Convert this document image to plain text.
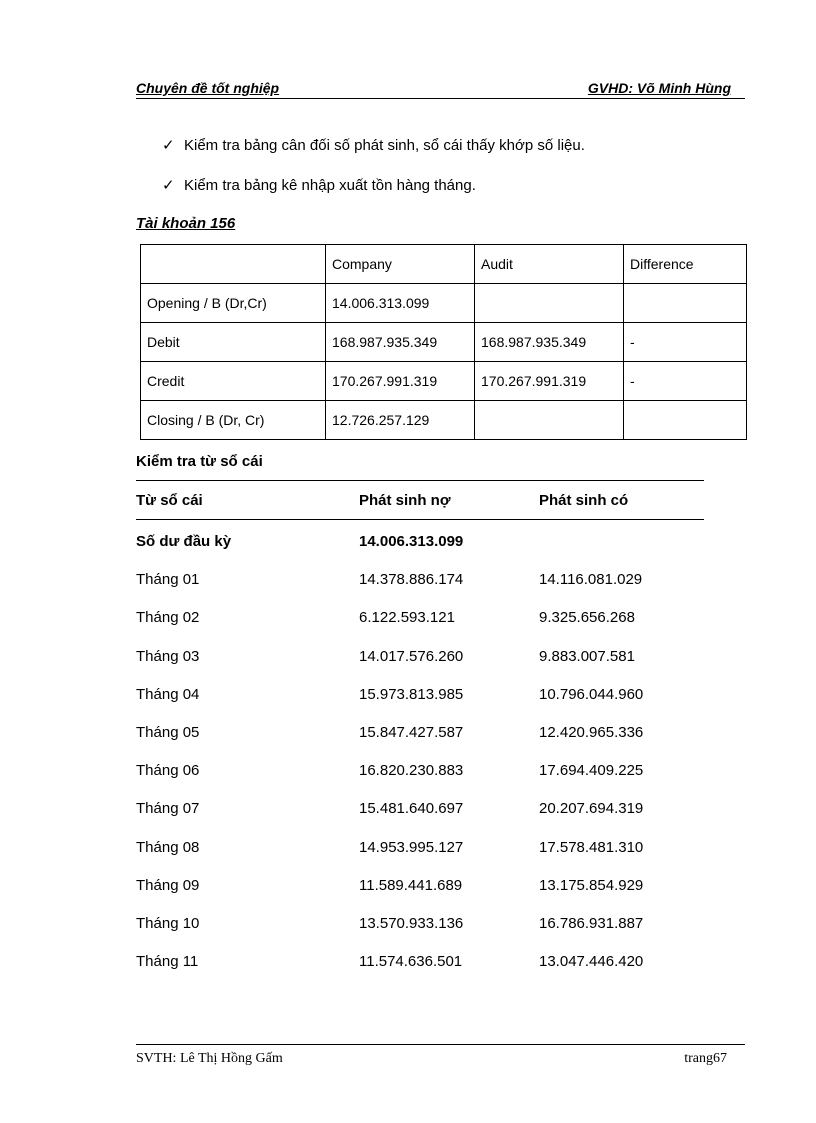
Chuyên đề tốt nghiệp	GVHD: Võ Minh Hùng
✓ Kiểm tra bảng cân đối số phát sinh, sổ cái thấy khớp số liệu.
✓ Kiểm tra bảng kê nhập xuất tồn hàng tháng.
Tài khoản 156
	Company	Audit	Difference
Opening / B (Dr,Cr)	14.006.313.099		
Debit	168.987.935.349	168.987.935.349	-
Credit	170.267.991.319	170.267.991.319	-
Closing / B (Dr, Cr)	12.726.257.129		
Kiểm tra từ sổ cái
Từ sổ cái	Phát sinh nợ	Phát sinh có
Số dư đầu kỳ	14.006.313.099
Tháng 01	14.378.886.174	14.116.081.029
Tháng 02	6.122.593.121	9.325.656.268
Tháng 03	14.017.576.260	9.883.007.581
Tháng 04	15.973.813.985	10.796.044.960
Tháng 05	15.847.427.587	12.420.965.336
Tháng 06	16.820.230.883	17.694.409.225
Tháng 07	15.481.640.697	20.207.694.319
Tháng 08	14.953.995.127	17.578.481.310
Tháng 09	11.589.441.689	13.175.854.929
Tháng 10	13.570.933.136	16.786.931.887
Tháng 11	11.574.636.501	13.047.446.420
SVTH: Lê Thị Hồng Gấm	trang67
